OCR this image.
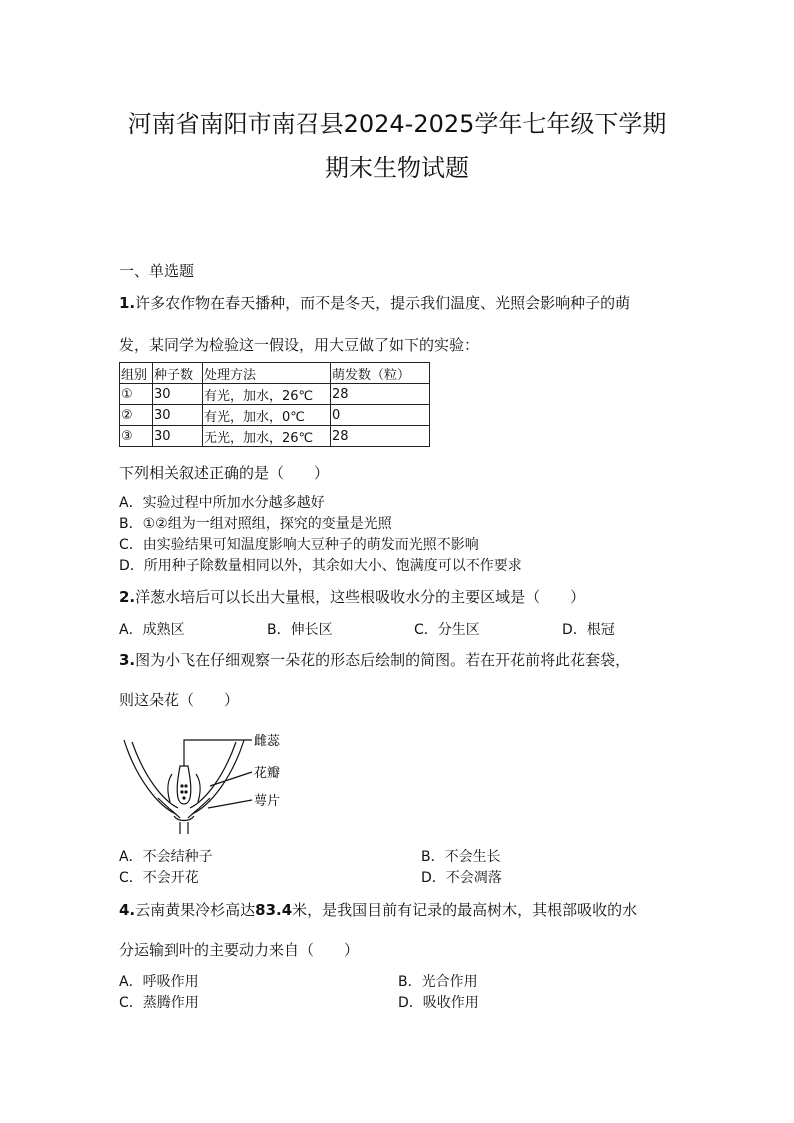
河南省南阳市南召县2024-2025学年七年级下学期
期末生物试题
一、单选题
1.许多农作物在春天播种，而不是冬天，提示我们温度、光照会影响种子的萌
发，某同学为检验这一假设，用大豆做了如下的实验：
组别	种子数	处理方法	萌发数（粒）
①	30	有光，加水，26℃	28
②	30	有光，加水，0℃	0
③	30	无光，加水，26℃	28
下列相关叙述正确的是（　　）
A．实验过程中所加水分越多越好
B．①②组为一组对照组，探究的变量是光照
C．由实验结果可知温度影响大豆种子的萌发而光照不影响
D．所用种子除数量相同以外，其余如大小、饱满度可以不作要求
2.洋葱水培后可以长出大量根，这些根吸收水分的主要区域是（　　）
A．成熟区	B．伸长区	C．分生区	D．根冠
3.图为小飞在仔细观察一朵花的形态后绘制的简图。若在开花前将此花套袋，
则这朵花（　　）
雌蕊
花瓣
萼片
A．不会结种子	B．不会生长
C．不会开花	D．不会凋落
4.云南黄果冷杉高达83.4米，是我国目前有记录的最高树木，其根部吸收的水
分运输到叶的主要动力来自（　　）
A．呼吸作用	B．光合作用
C．蒸腾作用	D．吸收作用
